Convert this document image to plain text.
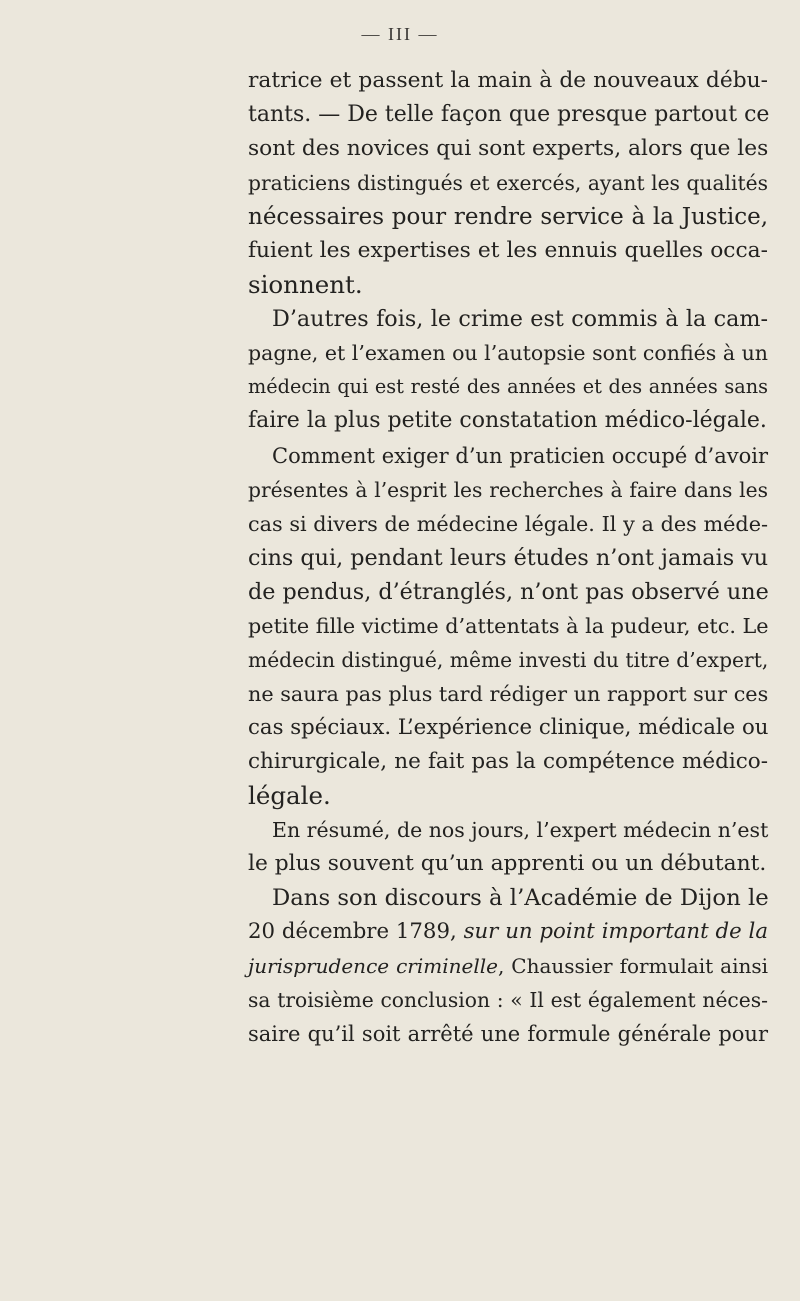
— III —
ratrice et passent la main à de nouveaux débu-
tants. — De telle façon que presque partout ce
sont des novices qui sont experts, alors que les
praticiens distingués et exercés, ayant les qualités
nécessaires pour rendre service à la Justice,
fuient les expertises et les ennuis quelles occa-
sionnent.
D’autres fois, le crime est commis à la cam-
pagne, et l’examen ou l’autopsie sont confiés à un
médecin qui est resté des années et des années sans
faire la plus petite constatation médico-légale.
Comment exiger d’un praticien occupé d’avoir
présentes à l’esprit les recherches à faire dans les
cas si divers de médecine légale. Il y a des méde-
cins qui, pendant leurs études n’ont jamais vu
de pendus, d’étranglés, n’ont pas observé une
petite fille victime d’attentats à la pudeur, etc. Le
médecin distingué, même investi du titre d’expert,
ne saura pas plus tard rédiger un rapport sur ces
cas spéciaux. L’expérience clinique, médicale ou
chirurgicale, ne fait pas la compétence médico-
légale.
En résumé, de nos jours, l’expert médecin n’est
le plus souvent qu’un apprenti ou un débutant.
Dans son discours à l’Académie de Dijon le
20 décembre 1789, sur un point important de la
jurisprudence criminelle, Chaussier formulait ainsi
sa troisième conclusion : « Il est également néces-
saire qu’il soit arrêté une formule générale pour
